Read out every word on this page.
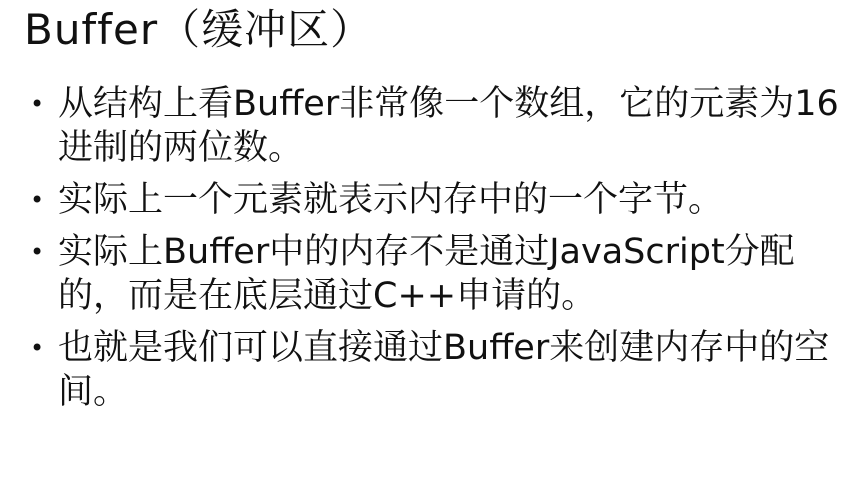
Buffer（缓冲区）
• 从结构上看Buffer非常像一个数组，它的元素为16进制的两位数。
• 实际上一个元素就表示内存中的一个字节。
• 实际上Buffer中的内存不是通过JavaScript分配的，而是在底层通过C++申请的。
• 也就是我们可以直接通过Buffer来创建内存中的空间。
